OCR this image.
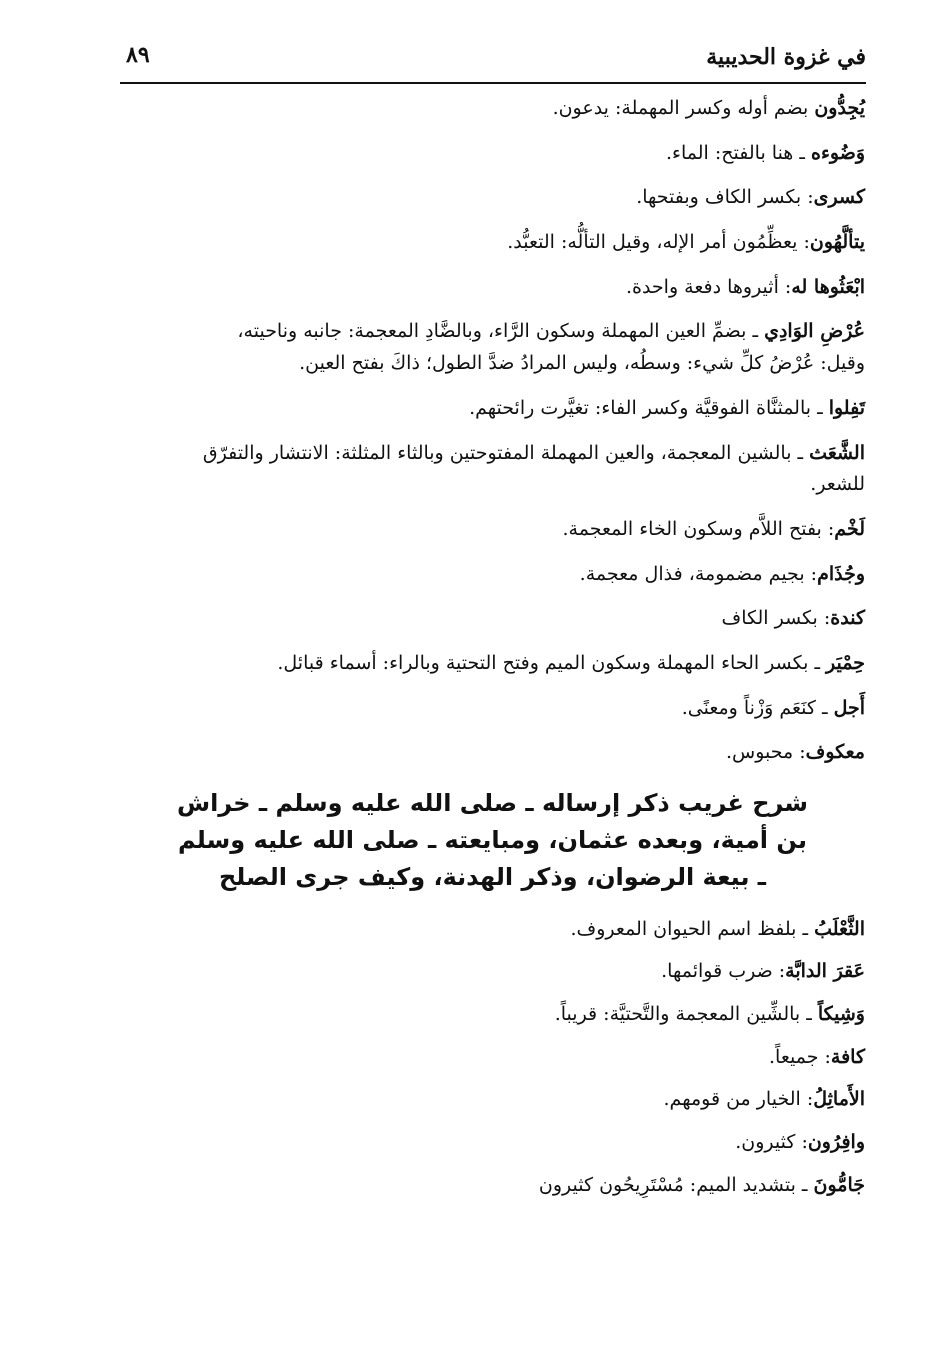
في غزوة الحديبية
٨٩

يُجِدُّون بضم أوله وكسر المهملة: يدعون.

وَضُوءه ـ هنا بالفتح: الماء.

كسرى: بكسر الكاف وبفتحها.

يتألَّهُون: يعظِّمُون أمر الإله، وقيل التألُّه: التعبُّد.

ابْعَثُوها له: أثيروها دفعة واحدة.

عُرْضِ الوَادِي ـ بضمِّ العين المهملة وسكون الرَّاء، وبالضَّادِ المعجمة: جانبه وناحيته،

وقيل: عُرْضُ كلِّ شيء: وسطُه، وليس المرادُ ضدَّ الطول؛ ذاكَ بفتح العين.

تَفِلوا ـ بالمثنَّاة الفوقيَّة وكسر الفاء: تغيَّرت رائحتهم.

الشَّعَث ـ بالشين المعجمة، والعين المهملة المفتوحتين وبالثاء المثلثة: الانتشار والتفرّق

للشعر.

لَخْم: بفتح اللاَّم وسكون الخاء المعجمة.

وجُذَام: بجيم مضمومة، فذال معجمة.

كندة: بكسر الكاف

حِمْيَر ـ بكسر الحاء المهملة وسكون الميم وفتح التحتية وبالراء: أسماء قبائل.

أَجل ـ كنَعَم وَزْناً ومعنًى.

معكوف: محبوس.

شرح غريب ذكر إرساله ـ صلى الله عليه وسلم ـ خراش بن أمية، وبعده عثمان، ومبايعته ـ صلى الله عليه وسلم ـ بيعة الرضوان، وذكر الهدنة، وكيف جرى الصلح

الثَّعْلَبُ ـ بلفظ اسم الحيوان المعروف.

عَقرَ الدابَّة: ضرب قوائمها.

وَشِيكاً ـ بالشِّين المعجمة والتَّحتيَّة: قريباً.

كافة: جميعاً.

الأَماثِلُ: الخيار من قومهم.

وافِرُون: كثيرون.

جَامُّونَ ـ بتشديد الميم: مُسْتَرِيحُون كثيرون
